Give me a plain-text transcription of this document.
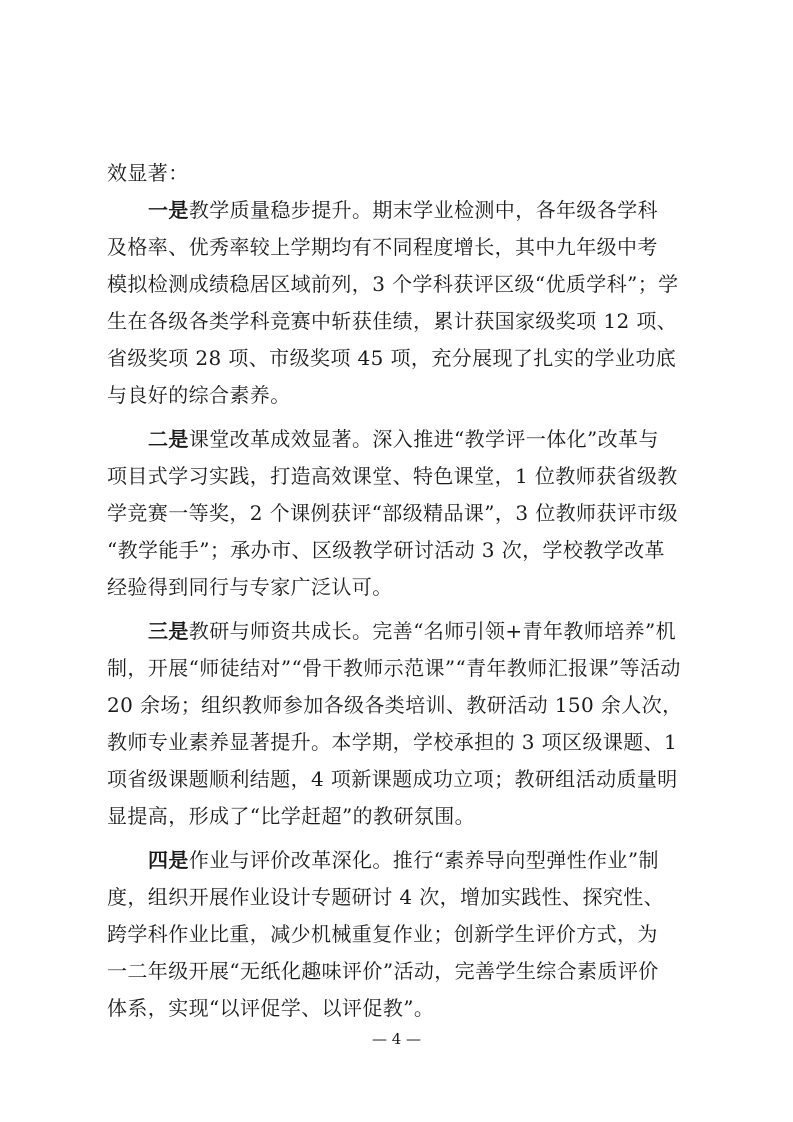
效显著：
一是教学质量稳步提升。期末学业检测中，各年级各学科
及格率、优秀率较上学期均有不同程度增长，其中九年级中考
模拟检测成绩稳居区域前列，3 个学科获评区级“优质学科”；学
生在各级各类学科竞赛中斩获佳绩，累计获国家级奖项 12 项、
省级奖项 28 项、市级奖项 45 项，充分展现了扎实的学业功底
与良好的综合素养。
二是课堂改革成效显著。深入推进“教学评一体化”改革与
项目式学习实践，打造高效课堂、特色课堂，1 位教师获省级教
学竞赛一等奖，2 个课例获评“部级精品课”，3 位教师获评市级
“教学能手”；承办市、区级教学研讨活动 3 次，学校教学改革
经验得到同行与专家广泛认可。
三是教研与师资共成长。完善“名师引领+青年教师培养”机
制，开展“师徒结对”“骨干教师示范课”“青年教师汇报课”等活动
20 余场；组织教师参加各级各类培训、教研活动 150 余人次，
教师专业素养显著提升。本学期，学校承担的 3 项区级课题、1
项省级课题顺利结题，4 项新课题成功立项；教研组活动质量明
显提高，形成了“比学赶超”的教研氛围。
四是作业与评价改革深化。推行“素养导向型弹性作业”制
度，组织开展作业设计专题研讨 4 次，增加实践性、探究性、
跨学科作业比重，减少机械重复作业；创新学生评价方式，为
一二年级开展“无纸化趣味评价”活动，完善学生综合素质评价
体系，实现“以评促学、以评促教”。
— 4 —
